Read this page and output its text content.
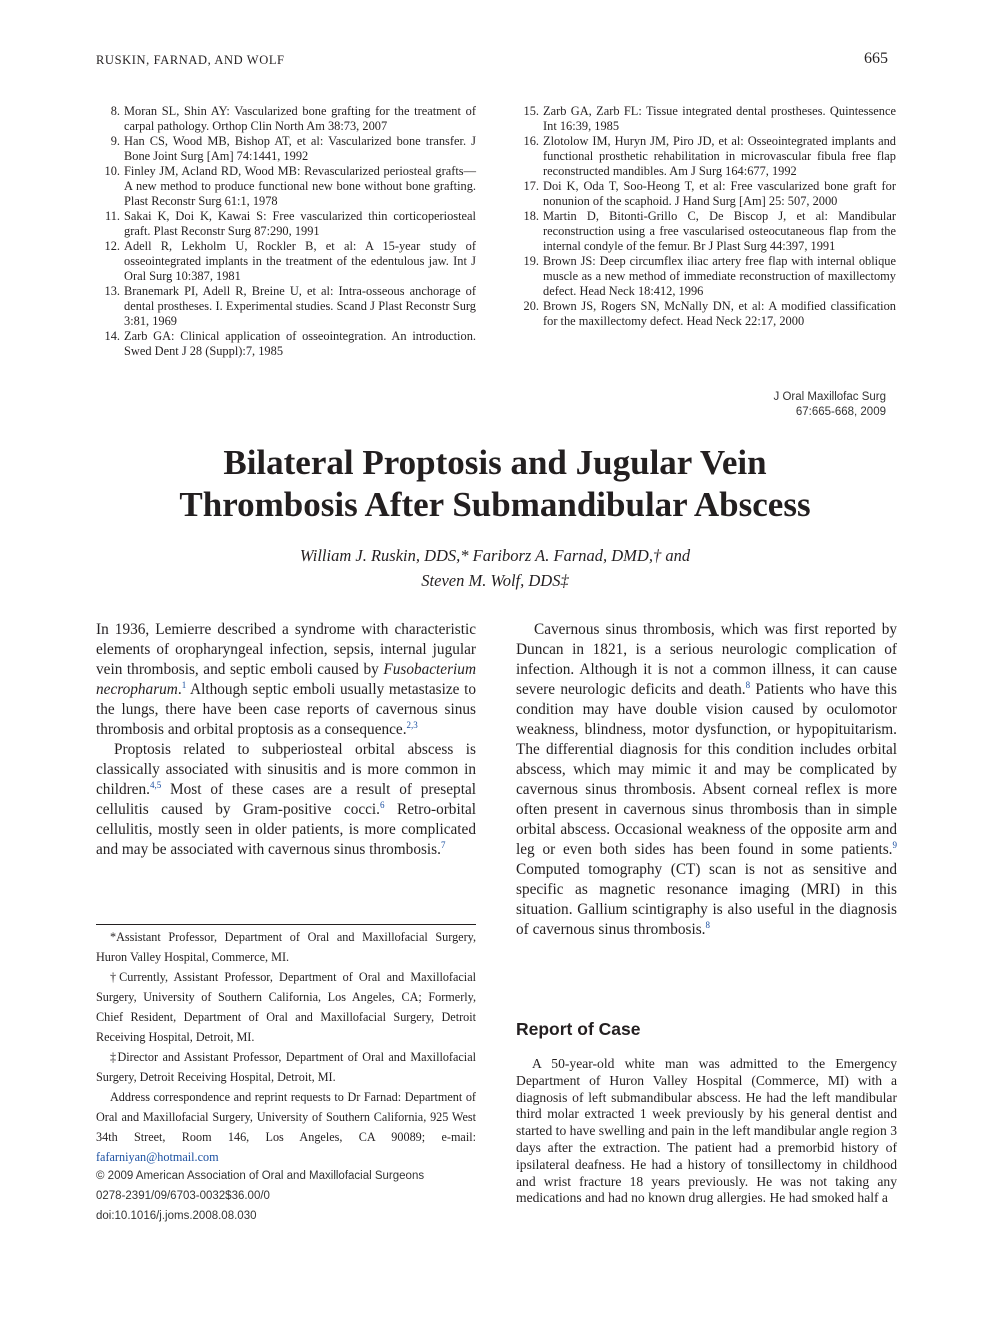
RUSKIN, FARNAD, AND WOLF	665
8. Moran SL, Shin AY: Vascularized bone grafting for the treatment of carpal pathology. Orthop Clin North Am 38:73, 2007
9. Han CS, Wood MB, Bishop AT, et al: Vascularized bone transfer. J Bone Joint Surg [Am] 74:1441, 1992
10. Finley JM, Acland RD, Wood MB: Revascularized periosteal grafts—A new method to produce functional new bone without bone grafting. Plast Reconstr Surg 61:1, 1978
11. Sakai K, Doi K, Kawai S: Free vascularized thin corticoperiosteal graft. Plast Reconstr Surg 87:290, 1991
12. Adell R, Lekholm U, Rockler B, et al: A 15-year study of osseointegrated implants in the treatment of the edentulous jaw. Int J Oral Surg 10:387, 1981
13. Branemark PI, Adell R, Breine U, et al: Intra-osseous anchorage of dental prostheses. I. Experimental studies. Scand J Plast Reconstr Surg 3:81, 1969
14. Zarb GA: Clinical application of osseointegration. An introduction. Swed Dent J 28 (Suppl):7, 1985
15. Zarb GA, Zarb FL: Tissue integrated dental prostheses. Quintessence Int 16:39, 1985
16. Zlotolow IM, Huryn JM, Piro JD, et al: Osseointegrated implants and functional prosthetic rehabilitation in microvascular fibula free flap reconstructed mandibles. Am J Surg 164:677, 1992
17. Doi K, Oda T, Soo-Heong T, et al: Free vascularized bone graft for nonunion of the scaphoid. J Hand Surg [Am] 25: 507, 2000
18. Martin D, Bitonti-Grillo C, De Biscop J, et al: Mandibular reconstruction using a free vascularised osteocutaneous flap from the internal condyle of the femur. Br J Plast Surg 44:397, 1991
19. Brown JS: Deep circumflex iliac artery free flap with internal oblique muscle as a new method of immediate reconstruction of maxillectomy defect. Head Neck 18:412, 1996
20. Brown JS, Rogers SN, McNally DN, et al: A modified classification for the maxillectomy defect. Head Neck 22:17, 2000
J Oral Maxillofac Surg
67:665-668, 2009
Bilateral Proptosis and Jugular Vein
Thrombosis After Submandibular Abscess
William J. Ruskin, DDS,* Fariborz A. Farnad, DMD,† and
Steven M. Wolf, DDS‡

In 1936, Lemierre described a syndrome with characteristic elements of oropharyngeal infection, sepsis, internal jugular vein thrombosis, and septic emboli caused by Fusobacterium necropharum.$^1$ Although septic emboli usually metastasize to the lungs, there have been case reports of cavernous sinus thrombosis and orbital proptosis as a consequence.$^{2,3}$

Proptosis related to subperiosteal orbital abscess is classically associated with sinusitis and is more common in children.$^{4,5}$ Most of these cases are a result of preseptal cellulitis caused by Gram-positive cocci.$^6$ Retro-orbital cellulitis, mostly seen in older patients, is more complicated and may be associated with cavernous sinus thrombosis.$^7$

*Assistant Professor, Department of Oral and Maxillofacial Surgery, Huron Valley Hospital, Commerce, MI.

†Currently, Assistant Professor, Department of Oral and Maxillofacial Surgery, University of Southern California, Los Angeles, CA; Formerly, Chief Resident, Department of Oral and Maxillofacial Surgery, Detroit Receiving Hospital, Detroit, MI.

‡Director and Assistant Professor, Department of Oral and Maxillofacial Surgery, Detroit Receiving Hospital, Detroit, MI.

Address correspondence and reprint requests to Dr Farnad: Department of Oral and Maxillofacial Surgery, University of Southern California, 925 West 34th Street, Room 146, Los Angeles, CA 90089; e-mail: fafarniyan@hotmail.com

© 2009 American Association of Oral and Maxillofacial Surgeons
0278-2391/09/6703-0032$36.00/0
doi:10.1016/j.joms.2008.08.030

Cavernous sinus thrombosis, which was first reported by Duncan in 1821, is a serious neurologic complication of infection. Although it is not a common illness, it can cause severe neurologic deficits and death.$^8$ Patients who have this condition may have double vision caused by oculomotor weakness, blindness, motor dysfunction, or hypopituitarism. The differential diagnosis for this condition includes orbital abscess, which may mimic it and may be complicated by cavernous sinus thrombosis. Absent corneal reflex is more often present in cavernous sinus thrombosis than in simple orbital abscess. Occasional weakness of the opposite arm and leg or even both sides has been found in some patients.$^9$ Computed tomography (CT) scan is not as sensitive and specific as magnetic resonance imaging (MRI) in this situation. Gallium scintigraphy is also useful in the diagnosis of cavernous sinus thrombosis.$^8$

Report of Case

A 50-year-old white man was admitted to the Emergency Department of Huron Valley Hospital (Commerce, MI) with a diagnosis of left submandibular abscess. He had the left mandibular third molar extracted 1 week previously by his general dentist and started to have swelling and pain in the left mandibular angle region 3 days after the extraction. The patient had a premorbid history of ipsilateral deafness. He had a history of tonsillectomy in childhood and wrist fracture 18 years previously. He was not taking any medications and had no known drug allergies. He had smoked half a
